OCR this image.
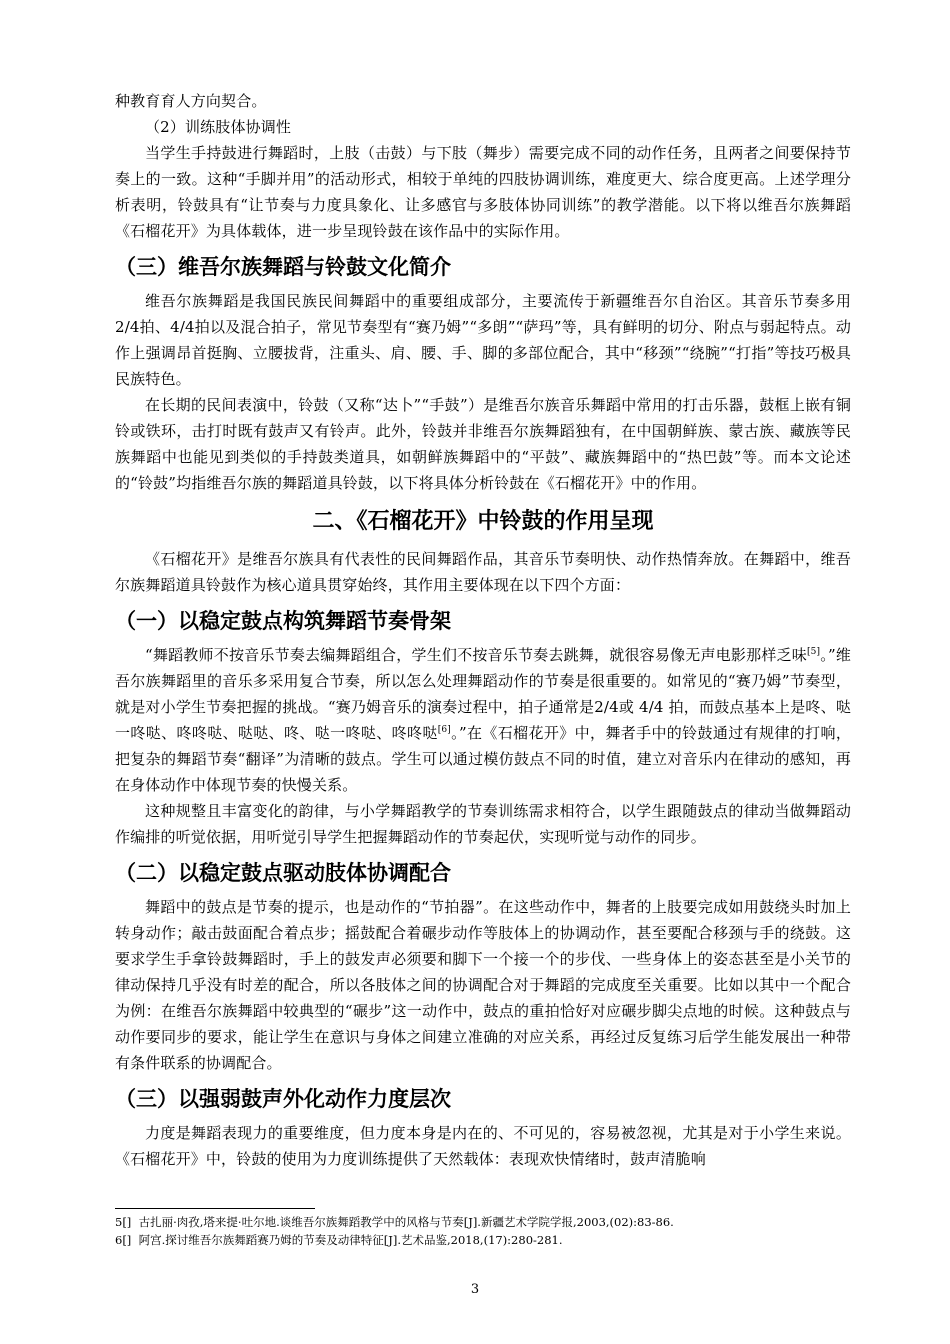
种教育育人方向契合。

（2）训练肢体协调性

当学生手持鼓进行舞蹈时，上肢（击鼓）与下肢（舞步）需要完成不同的动作任务，且两者之间要保持节奏上的一致。这种“手脚并用”的活动形式，相较于单纯的四肢协调训练，难度更大、综合度更高。上述学理分析表明，铃鼓具有“让节奏与力度具象化、让多感官与多肢体协同训练”的教学潜能。以下将以维吾尔族舞蹈《石榴花开》为具体载体，进一步呈现铃鼓在该作品中的实际作用。

（三）维吾尔族舞蹈与铃鼓文化简介

维吾尔族舞蹈是我国民族民间舞蹈中的重要组成部分，主要流传于新疆维吾尔自治区。其音乐节奏多用2/4拍、4/4拍以及混合拍子，常见节奏型有“赛乃姆”“多朗”“萨玛”等，具有鲜明的切分、附点与弱起特点。动作上强调昂首挺胸、立腰拔背，注重头、肩、腰、手、脚的多部位配合，其中“移颈”“绕腕”“打指”等技巧极具民族特色。

在长期的民间表演中，铃鼓（又称“达卜”“手鼓”）是维吾尔族音乐舞蹈中常用的打击乐器，鼓框上嵌有铜铃或铁环，击打时既有鼓声又有铃声。此外，铃鼓并非维吾尔族舞蹈独有，在中国朝鲜族、蒙古族、藏族等民族舞蹈中也能见到类似的手持鼓类道具，如朝鲜族舞蹈中的“平鼓”、藏族舞蹈中的“热巴鼓”等。而本文论述的“铃鼓”均指维吾尔族的舞蹈道具铃鼓，以下将具体分析铃鼓在《石榴花开》中的作用。

二、《石榴花开》中铃鼓的作用呈现

《石榴花开》是维吾尔族具有代表性的民间舞蹈作品，其音乐节奏明快、动作热情奔放。在舞蹈中，维吾尔族舞蹈道具铃鼓作为核心道具贯穿始终，其作用主要体现在以下四个方面：

（一）以稳定鼓点构筑舞蹈节奏骨架

“舞蹈教师不按音乐节奏去编舞蹈组合，学生们不按音乐节奏去跳舞，就很容易像无声电影那样乏味[5]。”维吾尔族舞蹈里的音乐多采用复合节奏，所以怎么处理舞蹈动作的节奏是很重要的。如常见的“赛乃姆”节奏型，就是对小学生节奏把握的挑战。“赛乃姆音乐的演奏过程中，拍子通常是2/4或 4/4 拍，而鼓点基本上是咚、哒一咚哒、咚咚哒、哒哒、咚、哒一咚哒、咚咚哒[6]。”在《石榴花开》中，舞者手中的铃鼓通过有规律的打响，把复杂的舞蹈节奏“翻译”为清晰的鼓点。学生可以通过模仿鼓点不同的时值，建立对音乐内在律动的感知，再在身体动作中体现节奏的快慢关系。

这种规整且丰富变化的韵律，与小学舞蹈教学的节奏训练需求相符合，以学生跟随鼓点的律动当做舞蹈动作编排的听觉依据，用听觉引导学生把握舞蹈动作的节奏起伏，实现听觉与动作的同步。

（二）以稳定鼓点驱动肢体协调配合

舞蹈中的鼓点是节奏的提示，也是动作的“节拍器”。在这些动作中，舞者的上肢要完成如用鼓绕头时加上转身动作；敲击鼓面配合着点步；摇鼓配合着碾步动作等肢体上的协调动作，甚至要配合移颈与手的绕鼓。这要求学生手拿铃鼓舞蹈时，手上的鼓发声必须要和脚下一个接一个的步伐、一些身体上的姿态甚至是小关节的律动保持几乎没有时差的配合，所以各肢体之间的协调配合对于舞蹈的完成度至关重要。比如以其中一个配合为例：在维吾尔族舞蹈中较典型的“碾步”这一动作中，鼓点的重拍恰好对应碾步脚尖点地的时候。这种鼓点与动作要同步的要求，能让学生在意识与身体之间建立准确的对应关系，再经过反复练习后学生能发展出一种带有条件联系的协调配合。

（三）以强弱鼓声外化动作力度层次

力度是舞蹈表现力的重要维度，但力度本身是内在的、不可见的，容易被忽视，尤其是对于小学生来说。《石榴花开》中，铃鼓的使用为力度训练提供了天然载体：表现欢快情绪时，鼓声清脆响

5[] 古扎丽·肉孜,塔来提·吐尔地.谈维吾尔族舞蹈教学中的风格与节奏[J].新疆艺术学院学报,2003,(02):83-86.
6[] 阿宫.探讨维吾尔族舞蹈赛乃姆的节奏及动律特征[J].艺术品鉴,2018,(17):280-281.
3
